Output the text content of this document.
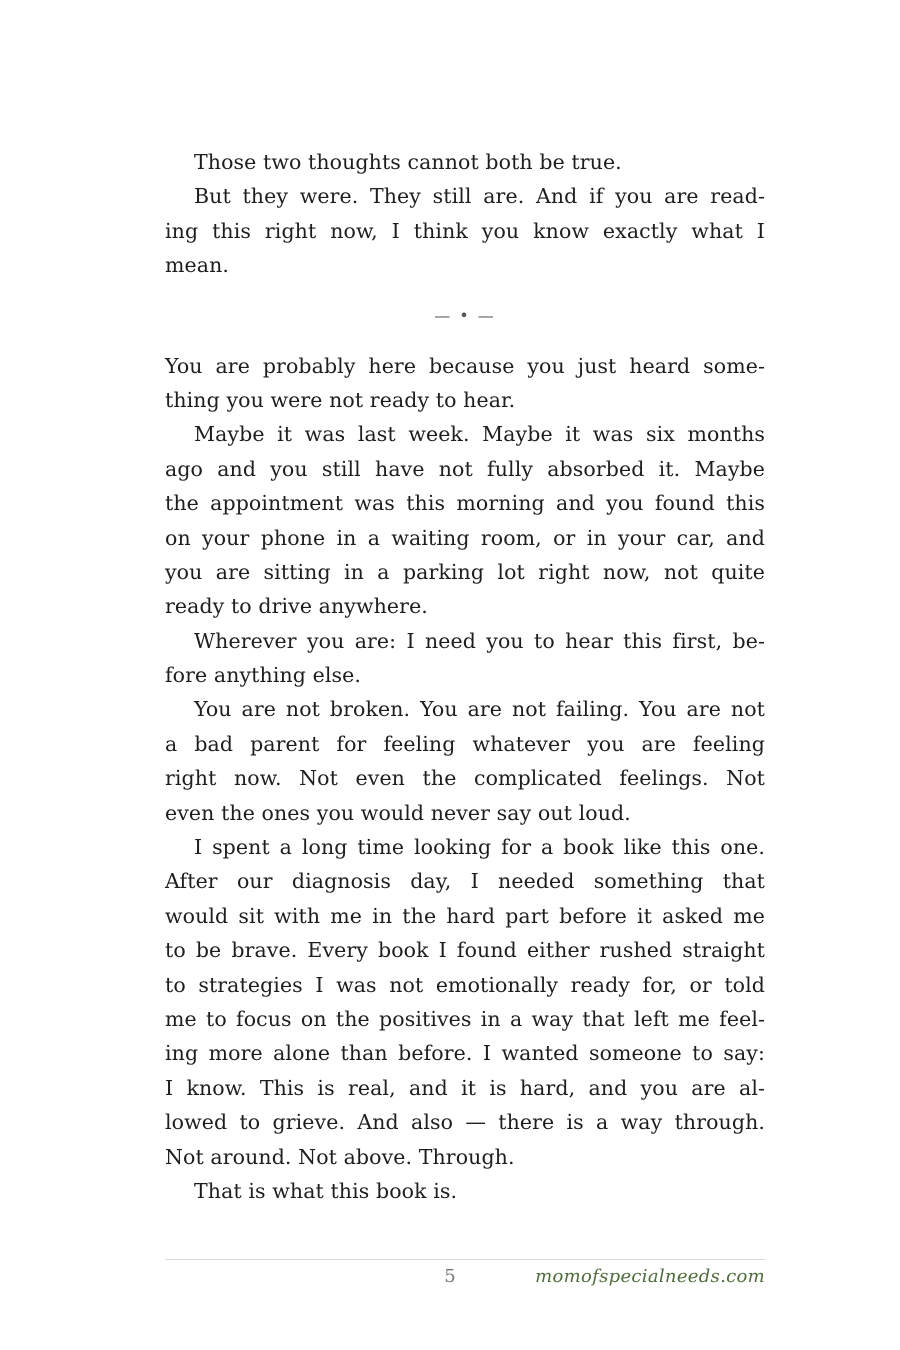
Those two thoughts cannot both be true.
But they were. They still are. And if you are read-
ing this right now, I think you know exactly what I
mean.
— • —
You are probably here because you just heard some-
thing you were not ready to hear.
Maybe it was last week. Maybe it was six months
ago and you still have not fully absorbed it. Maybe
the appointment was this morning and you found this
on your phone in a waiting room, or in your car, and
you are sitting in a parking lot right now, not quite
ready to drive anywhere.
Wherever you are: I need you to hear this first, be-
fore anything else.
You are not broken. You are not failing. You are not
a bad parent for feeling whatever you are feeling
right now. Not even the complicated feelings. Not
even the ones you would never say out loud.
I spent a long time looking for a book like this one.
After our diagnosis day, I needed something that
would sit with me in the hard part before it asked me
to be brave. Every book I found either rushed straight
to strategies I was not emotionally ready for, or told
me to focus on the positives in a way that left me feel-
ing more alone than before. I wanted someone to say:
I know. This is real, and it is hard, and you are al-
lowed to grieve. And also — there is a way through.
Not around. Not above. Through.
That is what this book is.
5	momofspecialneeds.com
